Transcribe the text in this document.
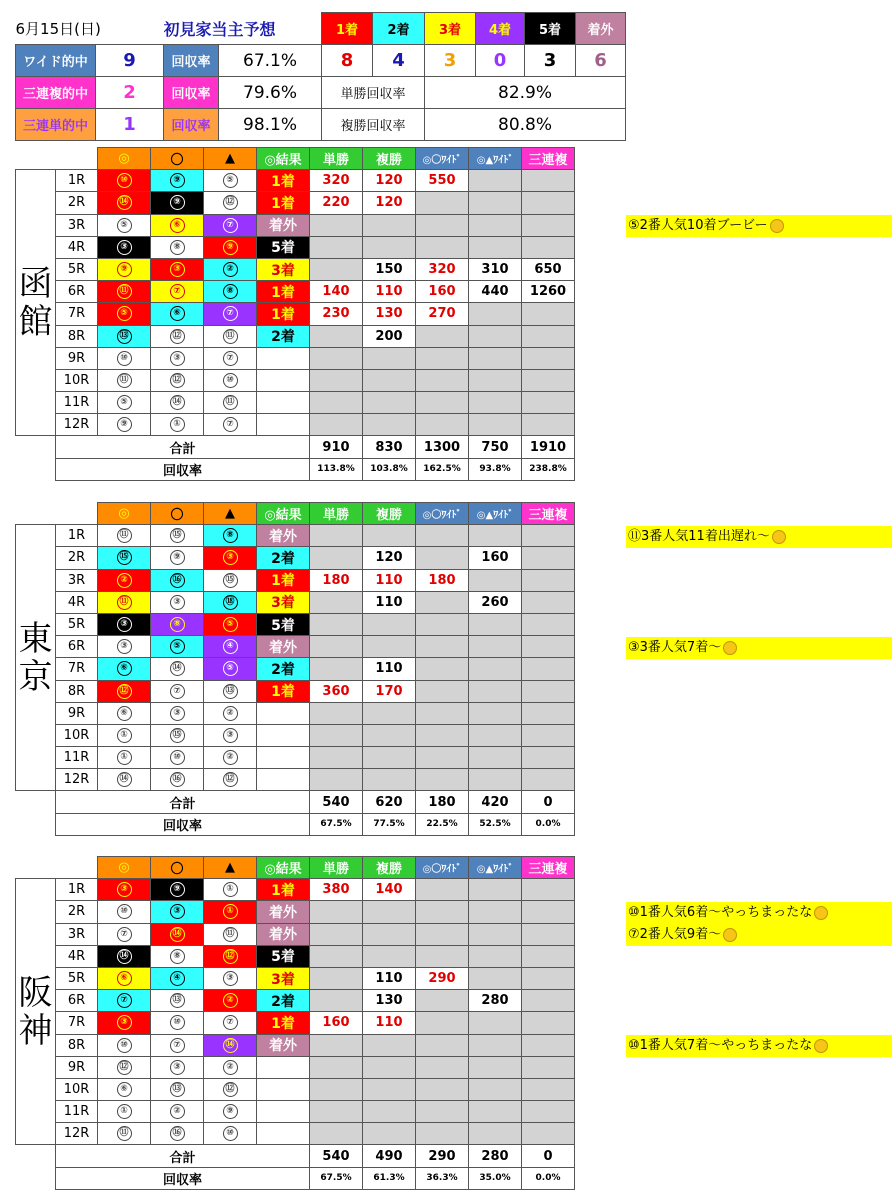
6月15日(日)		初見家当主予想		1着	2着	3着	4着	5着	着外
ワイド的中	9	回収率	67.1%	8	4	3	0	3	6
三連複的中	2	回収率	79.6%	単勝回収率		82.9%			
三連単的中	1	回収率	98.1%	複勝回収率		80.8%			
		◎	〇	▲	◎結果	単勝	複勝	◎〇ﾜｲﾄﾞ	◎▲ﾜｲﾄﾞ	三連複	
函館	1R	⑩	⑨	⑤	1着	320	120	550			
	2R	⑭	⑨	⑫	1着	220	120				
	3R	⑤	⑥	⑦	着外						
	4R	③	⑧	⑨	5着						
	5R	⑨	③	②	3着		150	320	310	650	
	6R	⑪	⑦	⑧	1着	140	110	160	440	1260	
	7R	⑤	⑥	⑦	1着	230	130	270			
	8R	⑬	⑫	⑪	2着		200				
	9R	⑩	③	⑦							
	10R	⑪	⑫	⑩							
	11R	⑤	⑭	⑪							
	12R	⑨	①	⑦							
	合計					910	830	1300	750	1910	
	回収率					113.8%	103.8%	162.5%	93.8%	238.8%	
		◎	〇	▲	◎結果	単勝	複勝	◎〇ﾜｲﾄﾞ	◎▲ﾜｲﾄﾞ	三連複	
東京	1R	⑪	⑮	⑧	着外						
	2R	⑮	⑨	③	2着		120		160		
	3R	②	⑯	⑮	1着	180	110	180			
	4R	⑪	③	⑱	3着		110		260		
	5R	③	⑧	⑤	5着						
	6R	③	⑤	④	着外						
	7R	⑥	⑭	⑤	2着		110				
	8R	⑫	⑦	⑬	1着	360	170				
	9R	⑥	③	②							
	10R	①	⑮	③							
	11R	①	⑩	②							
	12R	⑭	⑯	⑫							
	合計					540	620	180	420	0	
	回収率					67.5%	77.5%	22.5%	52.5%	0.0%	
		◎	〇	▲	◎結果	単勝	複勝	◎〇ﾜｲﾄﾞ	◎▲ﾜｲﾄﾞ	三連複	
阪神	1R	③	⑨	①	1着	380	140				
	2R	⑩	③	①	着外						
	3R	⑦	⑭	⑪	着外						
	4R	⑭	⑧	⑫	5着						
	5R	⑥	④	③	3着		110	290			
	6R	⑦	⑬	②	2着		130		280		
	7R	③	⑩	⑦	1着	160	110				
	8R	⑩	⑦	⑭	着外						
	9R	⑫	③	②							
	10R	⑥	⑬	⑫							
	11R	①	②	⑨							
	12R	⑪	⑯	⑩							
	合計					540	490	290	280	0	
	回収率					67.5%	61.3%	36.3%	35.0%	0.0%	
⑤2番人気10着ブービー
⑪3番人気11着出遅れ〜
③3番人気7着〜
⑩1番人気6着〜やっちまったな
⑦2番人気9着〜
⑩1番人気7着〜やっちまったな
